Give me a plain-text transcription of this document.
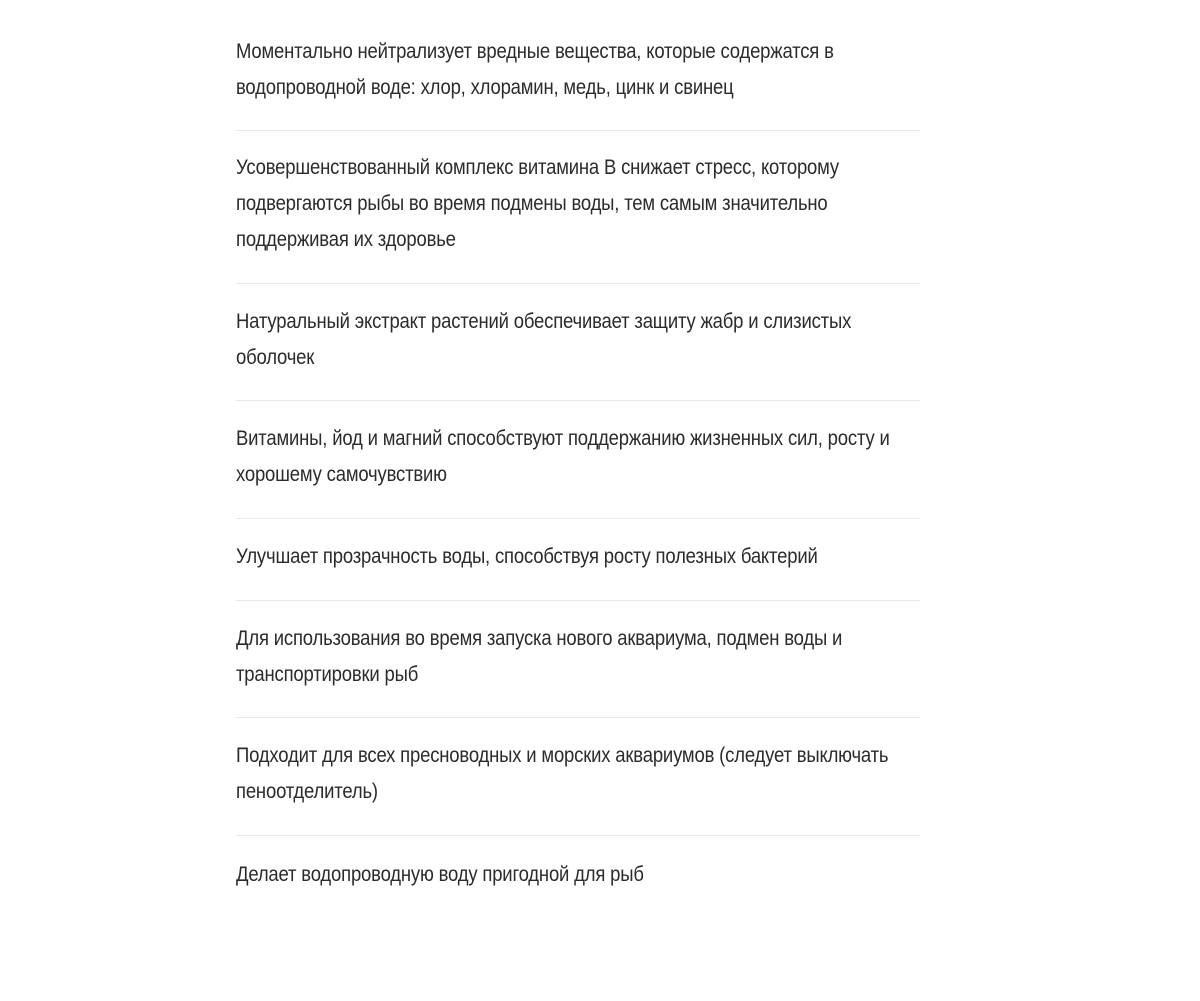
Моментально нейтрализует вредные вещества, которые содержатся в водопроводной воде: хлор, хлорамин, медь, цинк и свинец
Усовершенствованный комплекс витамина B снижает стресс, которому подвергаются рыбы во время подмены воды, тем самым значительно поддерживая их здоровье
Натуральный экстракт растений обеспечивает защиту жабр и слизистых оболочек
Витамины, йод и магний способствуют поддержанию жизненных сил, росту и хорошему самочувствию
Улучшает прозрачность воды, способствуя росту полезных бактерий
Для использования во время запуска нового аквариума, подмен воды и транспортировки рыб
Подходит для всех пресноводных и морских аквариумов (следует выключать пеноотделитель)
Делает водопроводную воду пригодной для рыб
